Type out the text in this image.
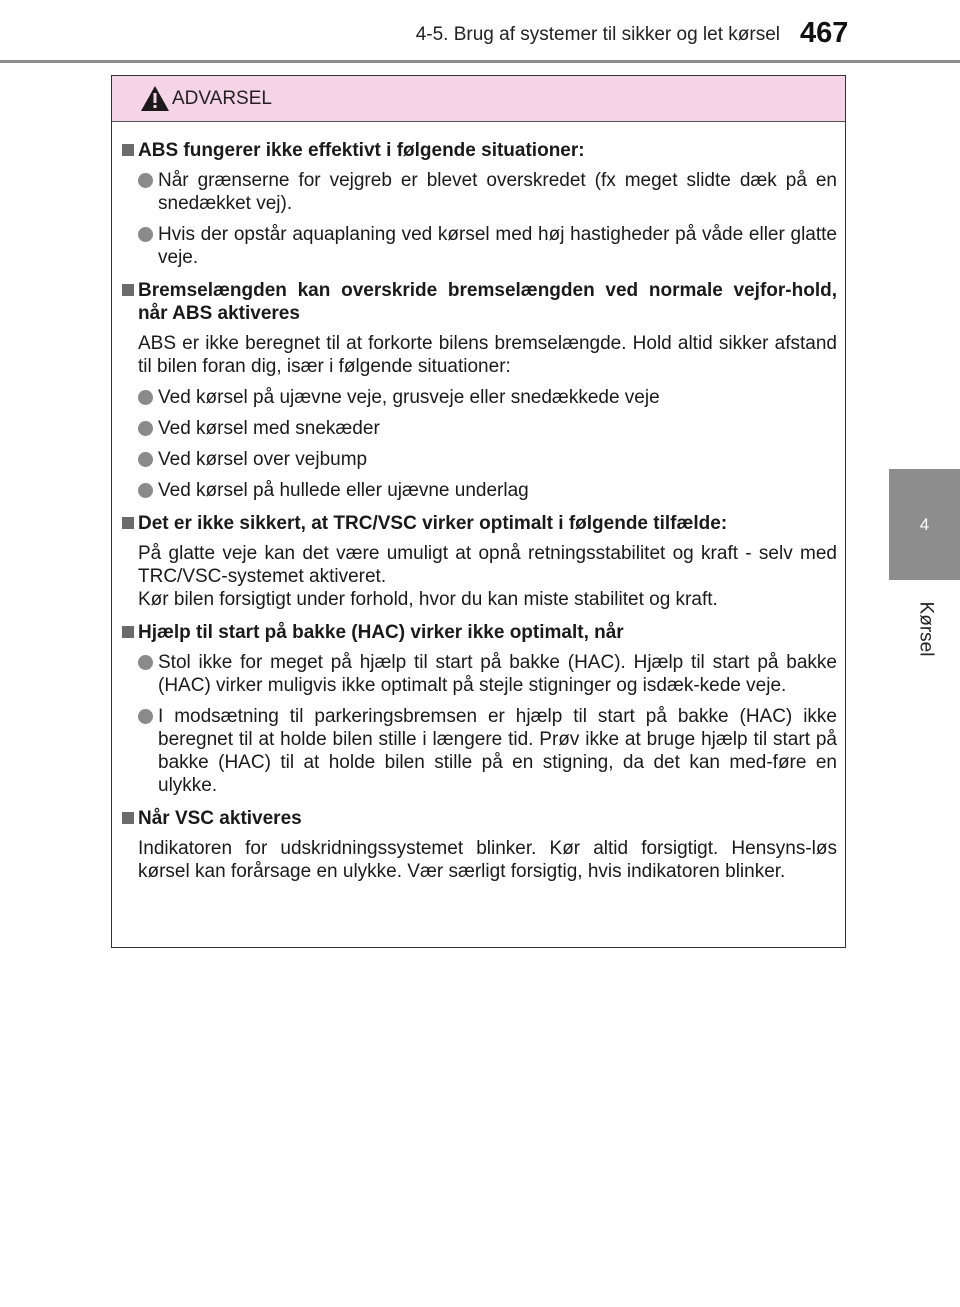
4-5. Brug af systemer til sikker og let kørsel 467
4
Kørsel
ADVARSEL
ABS fungerer ikke effektivt i følgende situationer:
Når grænserne for vejgreb er blevet overskredet (fx meget slidte dæk på en snedækket vej).
Hvis der opstår aquaplaning ved kørsel med høj hastigheder på våde eller glatte veje.
Bremselængden kan overskride bremselængden ved normale vejfor-hold, når ABS aktiveres
ABS er ikke beregnet til at forkorte bilens bremselængde. Hold altid sikker afstand til bilen foran dig, især i følgende situationer:
Ved kørsel på ujævne veje, grusveje eller snedækkede veje
Ved kørsel med snekæder
Ved kørsel over vejbump
Ved kørsel på hullede eller ujævne underlag
Det er ikke sikkert, at TRC/VSC virker optimalt i følgende tilfælde:
På glatte veje kan det være umuligt at opnå retningsstabilitet og kraft - selv med TRC/VSC-systemet aktiveret.
Kør bilen forsigtigt under forhold, hvor du kan miste stabilitet og kraft.
Hjælp til start på bakke (HAC) virker ikke optimalt, når
Stol ikke for meget på hjælp til start på bakke (HAC). Hjælp til start på bakke (HAC) virker muligvis ikke optimalt på stejle stigninger og isdæk-kede veje.
I modsætning til parkeringsbremsen er hjælp til start på bakke (HAC) ikke beregnet til at holde bilen stille i længere tid. Prøv ikke at bruge hjælp til start på bakke (HAC) til at holde bilen stille på en stigning, da det kan med-føre en ulykke.
Når VSC aktiveres
Indikatoren for udskridningssystemet blinker. Kør altid forsigtigt. Hensyns-løs kørsel kan forårsage en ulykke. Vær særligt forsigtig, hvis indikatoren blinker.
